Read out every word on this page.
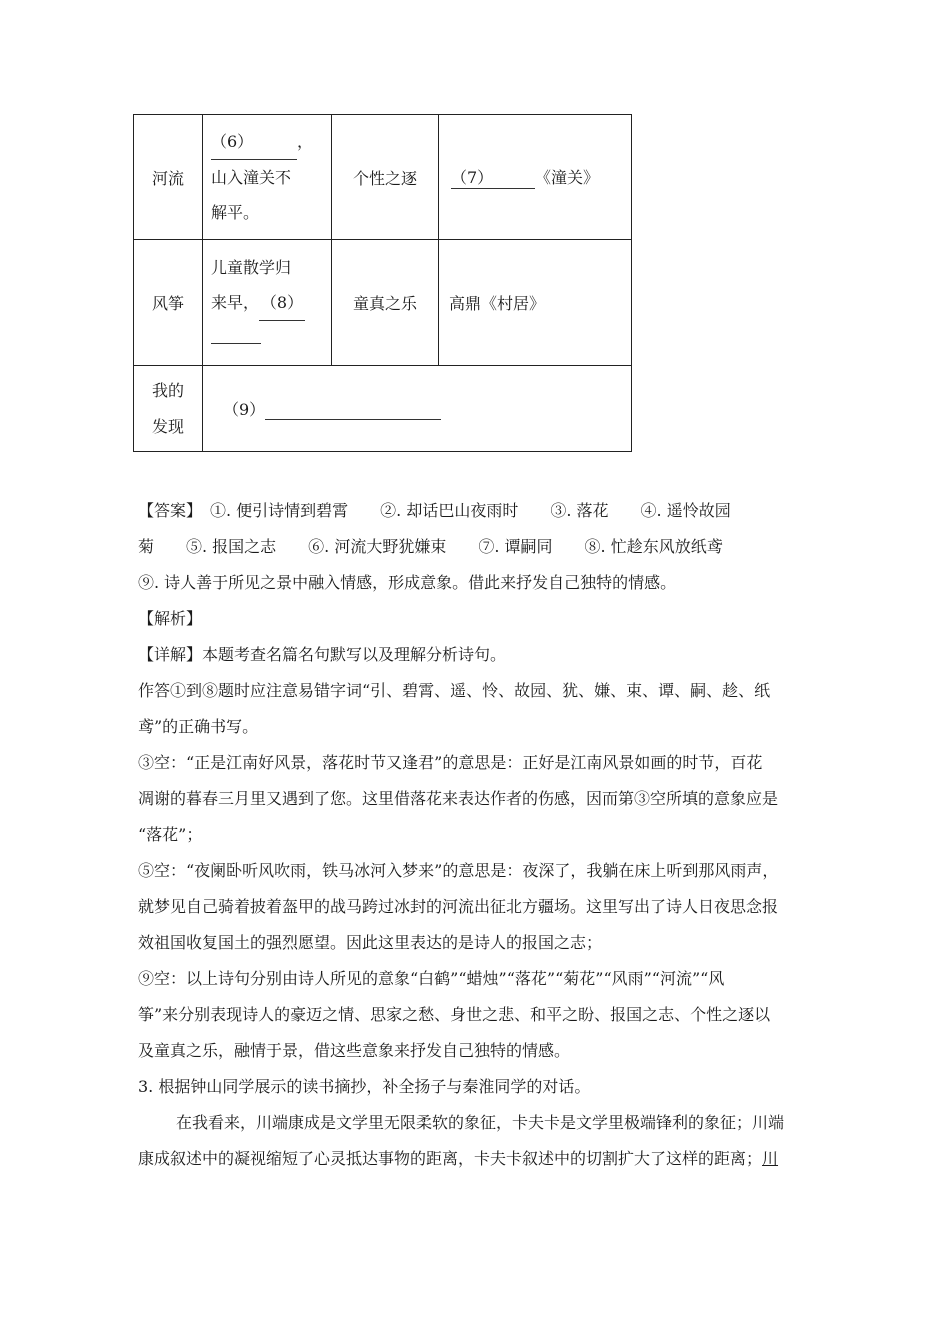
河流	（6） ，
山入潼关不
解平。	个性之逐	（7） 《潼关》
风筝	儿童散学归
来早， （8）	童真之乐	高鼎《村居》

我的
发现	（9）		

【答案】　①. 便引诗情到碧霄　　②. 却话巴山夜雨时　　③. 落花　　④. 遥怜故园

菊　　⑤. 报国之志　　⑥. 河流大野犹嫌束　　⑦. 谭嗣同　　⑧. 忙趁东风放纸鸢

⑨. 诗人善于所见之景中融入情感，形成意象。借此来抒发自己独特的情感。

【解析】

【详解】本题考查名篇名句默写以及理解分析诗句。

作答①到⑧题时应注意易错字词“引、碧霄、遥、怜、故园、犹、嫌、束、谭、嗣、趁、纸

鸢”的正确书写。

③空：“正是江南好风景，落花时节又逢君”的意思是：正好是江南风景如画的时节，百花

凋谢的暮春三月里又遇到了您。这里借落花来表达作者的伤感，因而第③空所填的意象应是

“落花”；

⑤空：“夜阑卧听风吹雨，铁马冰河入梦来”的意思是：夜深了，我躺在床上听到那风雨声，

就梦见自己骑着披着盔甲的战马跨过冰封的河流出征北方疆场。这里写出了诗人日夜思念报

效祖国收复国土的强烈愿望。因此这里表达的是诗人的报国之志；

⑨空：以上诗句分别由诗人所见的意象“白鹤”“蜡烛”“落花”“菊花”“风雨”“河流”“风

筝”来分别表现诗人的豪迈之情、思家之愁、身世之悲、和平之盼、报国之志、个性之逐以

及童真之乐，融情于景，借这些意象来抒发自己独特的情感。

3. 根据钟山同学展示的读书摘抄，补全扬子与秦淮同学的对话。

在我看来，川端康成是文学里无限柔软的象征，卡夫卡是文学里极端锋利的象征；川端

康成叙述中的凝视缩短了心灵抵达事物的距离，卡夫卡叙述中的切割扩大了这样的距离；川
